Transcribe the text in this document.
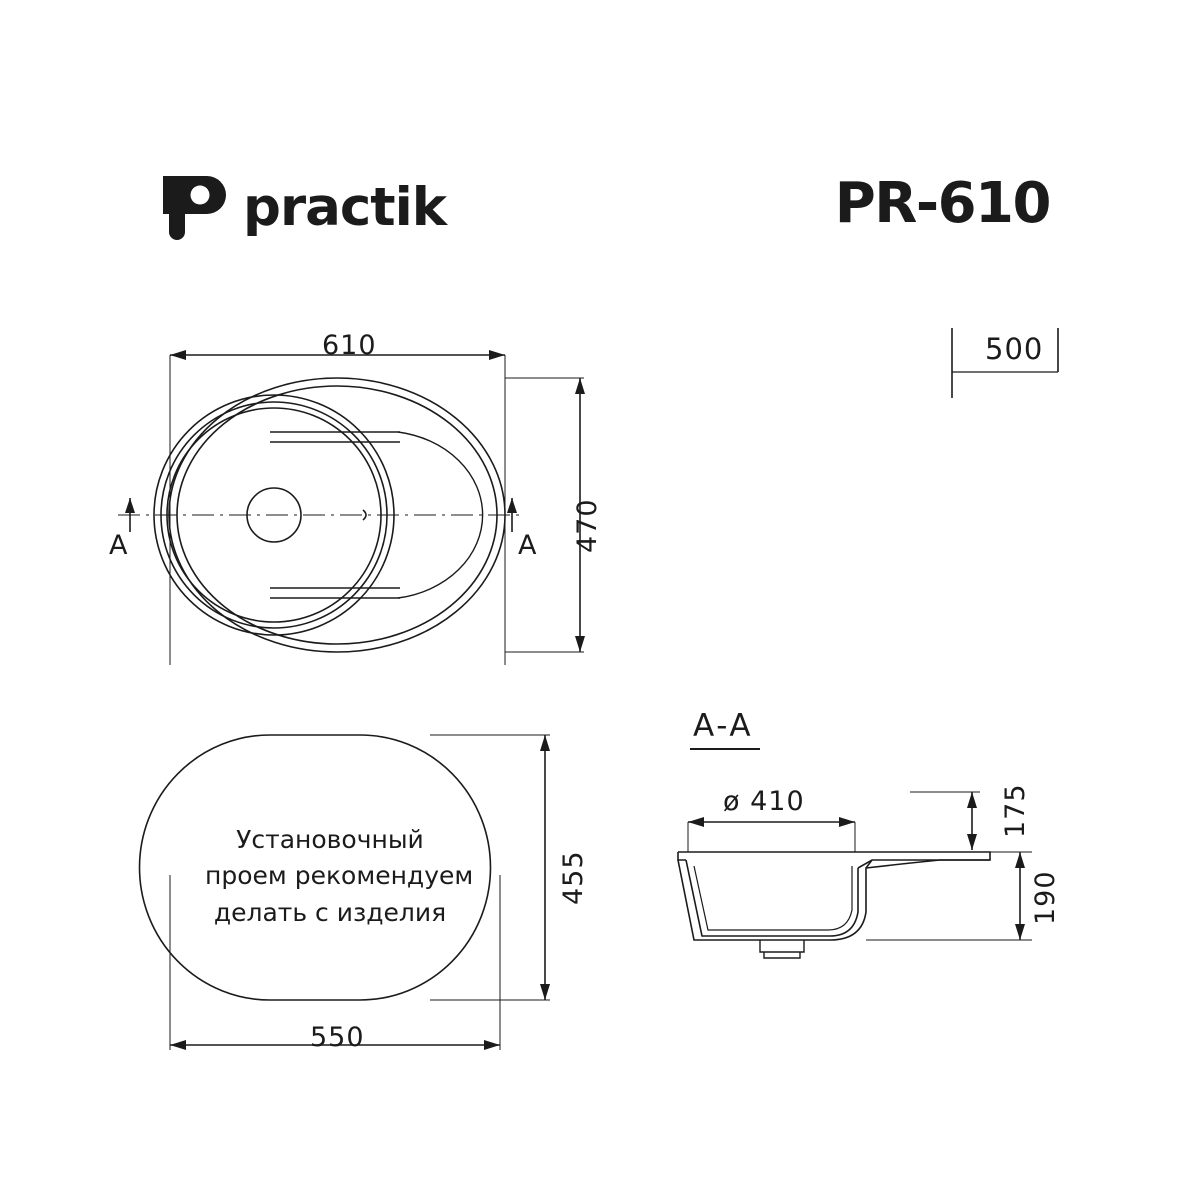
practik	PR-610
610
470
A	A
500
Установочный
проем рекомендуем
делать с изделия
455
550
А-А
ø 410	175
190
